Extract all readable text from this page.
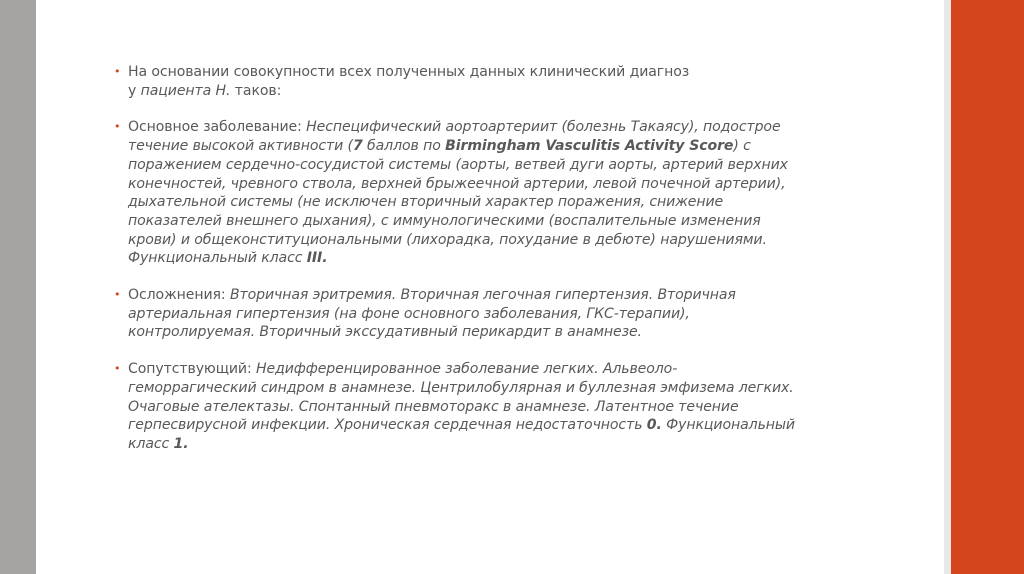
• На основании совокупности всех полученных данных клинический диагноз
у пациента Н. таков:
• Основное заболевание: Неспецифический аортоартериит (болезнь Такаясу), подострое течение высокой активности (7 баллов по Birmingham Vasculitis Activity Score) с поражением сердечно-сосудистой системы (аорты, ветвей дуги аорты, артерий верхних конечностей, чревного ствола, верхней брыжеечной артерии, левой почечной артерии), дыхательной системы (не исключен вторичный характер поражения, снижение показателей внешнего дыхания), с иммунологическими (воспалительные изменения крови) и общеконституциональными (лихорадка, похудание в дебюте) нарушениями. Функциональный класс III.
• Осложнения: Вторичная эритремия. Вторичная легочная гипертензия. Вторичная артериальная гипертензия (на фоне основного заболевания, ГКС-терапии), контролируемая. Вторичный экссудативный перикардит в анамнезе.
• Сопутствующий: Недифференцированное заболевание легких. Альвеоло-геморрагический синдром в анамнезе. Центрилобулярная и буллезная эмфизема легких. Очаговые ателектазы. Спонтанный пневмоторакс в анамнезе. Латентное течение герпесвирусной инфекции. Хроническая сердечная недостаточность 0. Функциональный класс 1.
